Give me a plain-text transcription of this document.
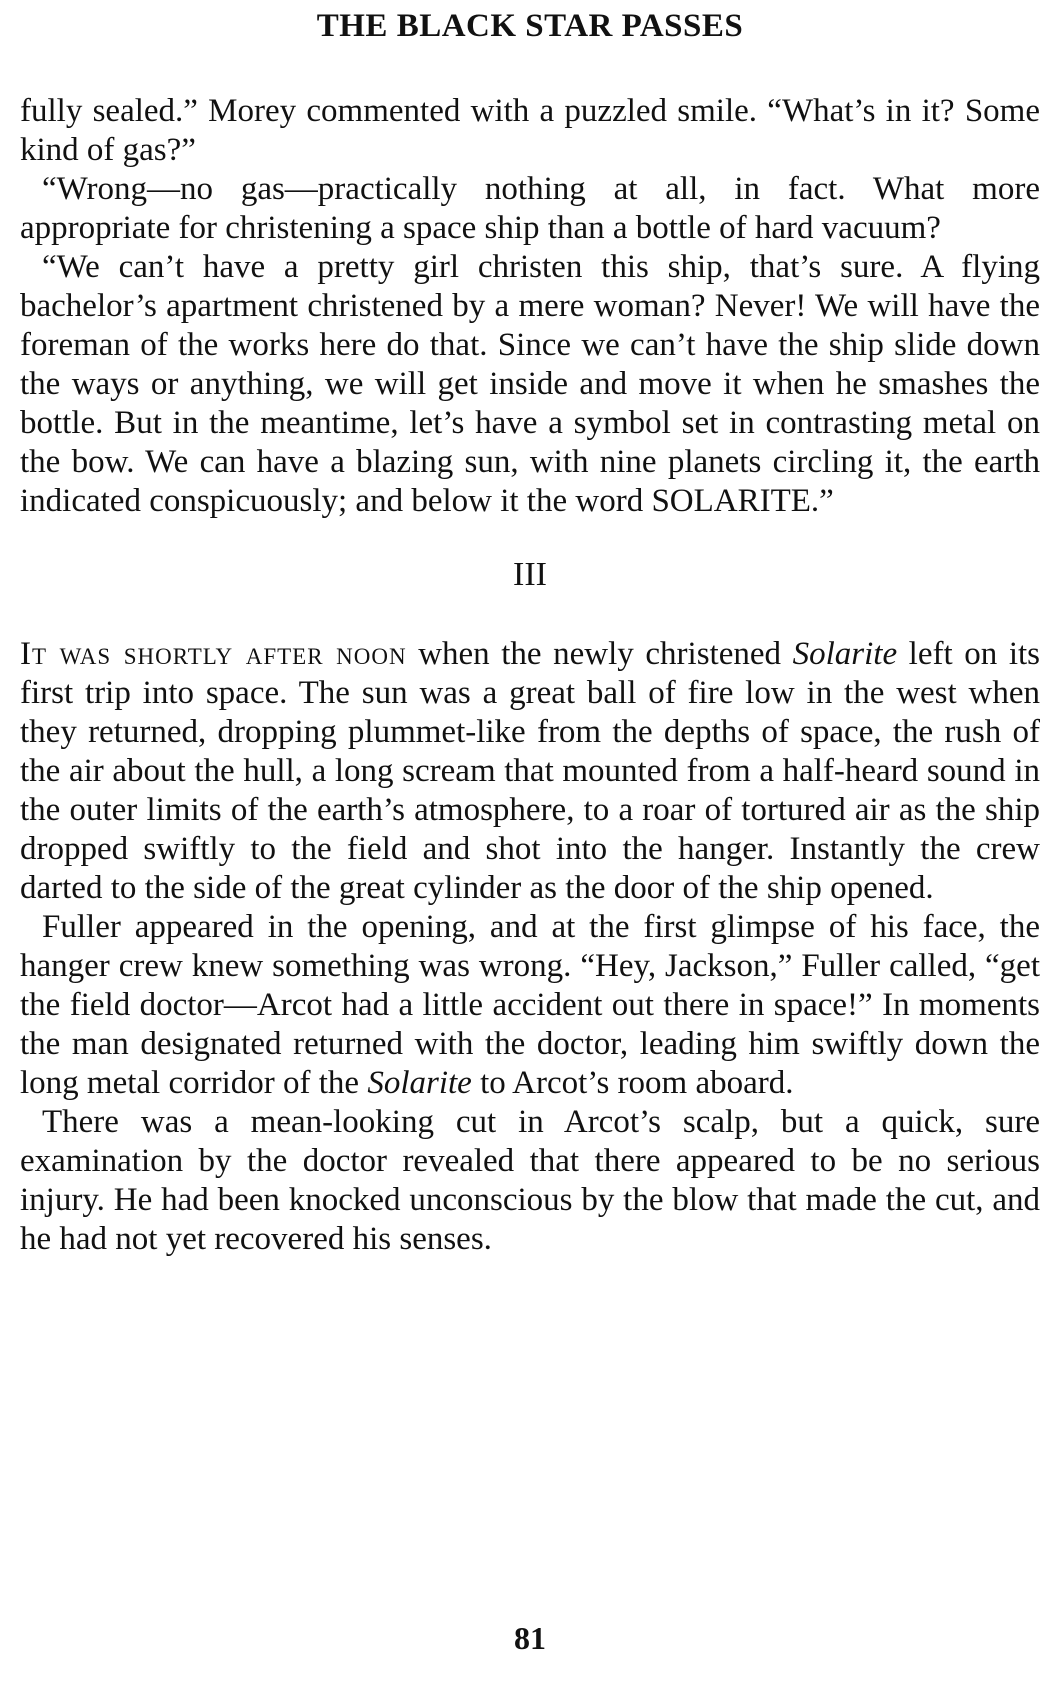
THE BLACK STAR PASSES

fully sealed.” Morey commented with a puzzled smile. “What’s in it? Some kind of gas?”

“Wrong—no gas—practically nothing at all, in fact. What more appropriate for christening a space ship than a bottle of hard vacuum?

“We can’t have a pretty girl christen this ship, that’s sure. A flying bachelor’s apartment christened by a mere woman? Never! We will have the foreman of the works here do that. Since we can’t have the ship slide down the ways or anything, we will get inside and move it when he smashes the bottle. But in the meantime, let’s have a symbol set in contrasting metal on the bow. We can have a blazing sun, with nine planets circling it, the earth indicated conspicuously; and below it the word SOLARITE.”

III

It was shortly after noon when the newly christened Solarite left on its first trip into space. The sun was a great ball of fire low in the west when they returned, dropping plummet-like from the depths of space, the rush of the air about the hull, a long scream that mounted from a half-heard sound in the outer limits of the earth’s atmosphere, to a roar of tortured air as the ship dropped swiftly to the field and shot into the hanger. Instantly the crew darted to the side of the great cylinder as the door of the ship opened.

Fuller appeared in the opening, and at the first glimpse of his face, the hanger crew knew something was wrong. “Hey, Jackson,” Fuller called, “get the field doctor—Arcot had a little accident out there in space!” In moments the man designated returned with the doctor, leading him swiftly down the long metal corridor of the Solarite to Arcot’s room aboard.

There was a mean-looking cut in Arcot’s scalp, but a quick, sure examination by the doctor revealed that there appeared to be no serious injury. He had been knocked unconscious by the blow that made the cut, and he had not yet recovered his senses.

81
